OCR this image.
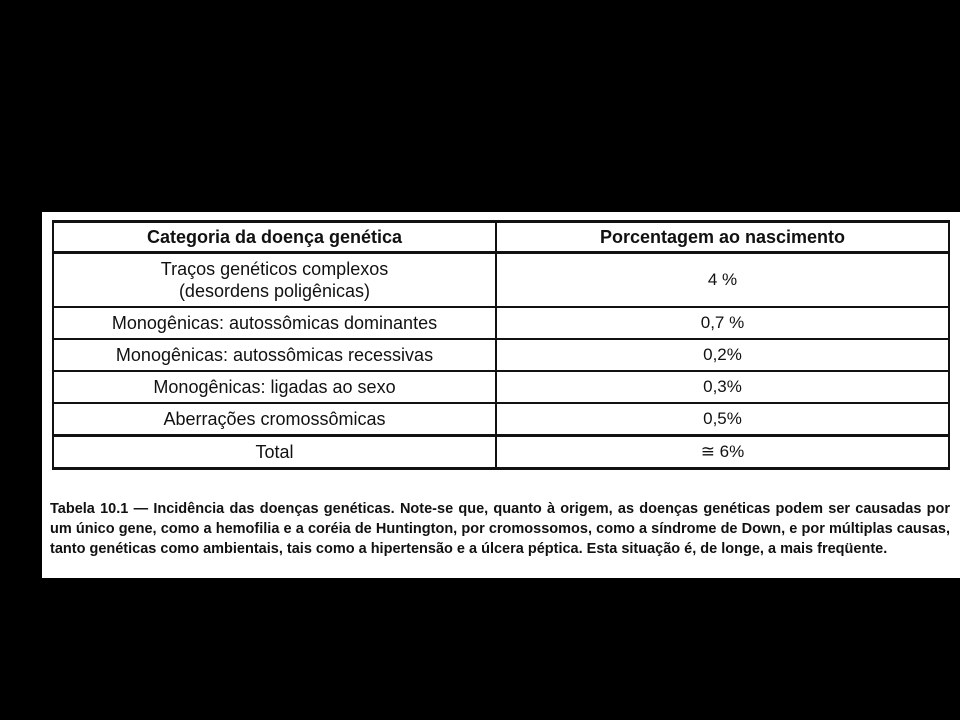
Categoria da doença genética	Porcentagem ao nascimento

Traços genéticos complexos
(desordens poligênicas)	4 %
Monogênicas: autossômicas dominantes	0,7 %
Monogênicas: autossômicas recessivas	0,2%
Monogênicas: ligadas ao sexo	0,3%
Aberrações cromossômicas	0,5%
Total	≅ 6%

Tabela 10.1 — Incidência das doenças genéticas. Note-se que, quanto à origem, as doenças genéticas podem ser causadas por um único gene, como a hemofilia e a coréia de Huntington, por cromossomos, como a síndrome de Down, e por múltiplas causas, tanto genéticas como ambientais, tais como a hipertensão e a úlcera péptica. Esta situação é, de longe, a mais freqüente.
